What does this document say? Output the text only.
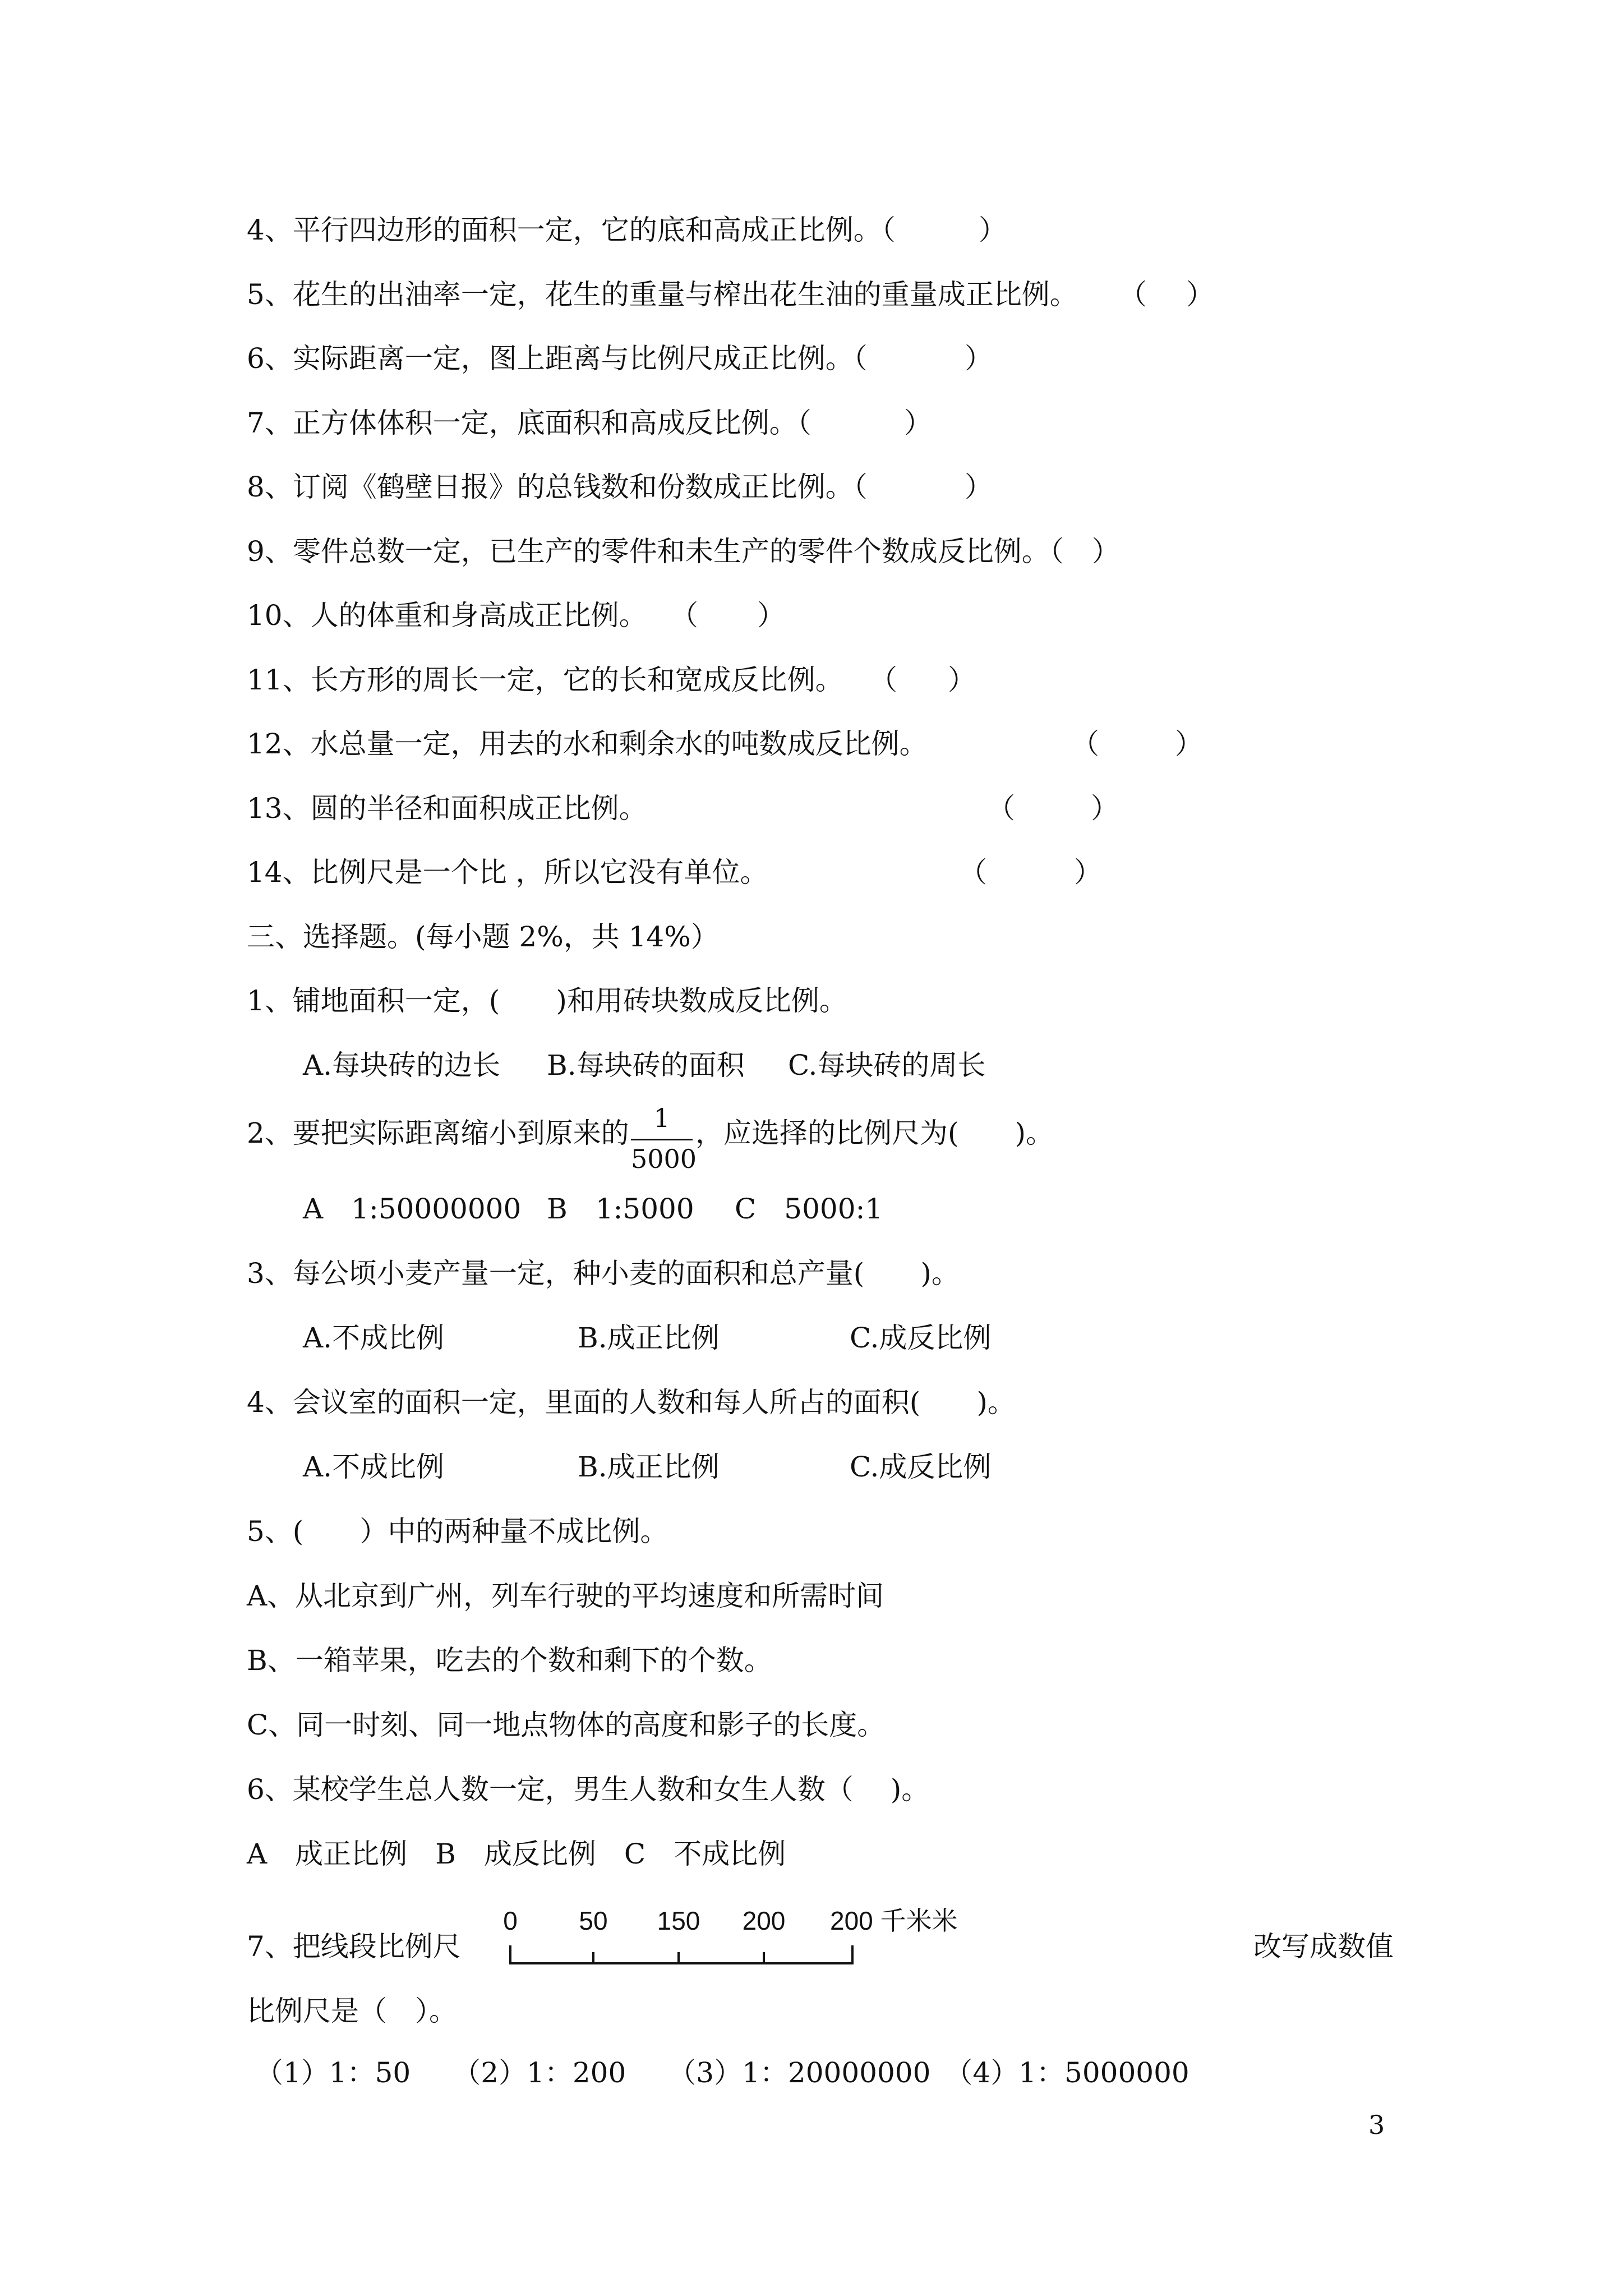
4、平行四边形的面积一定，它的底和高成正比例。（	）

5、花生的出油率一定，花生的重量与榨出花生油的重量成正比例。 （ ）

6、实际距离一定，图上距离与比例尺成正比例。（	）

7、正方体体积一定，底面积和高成反比例。（	）

8、订阅《鹤壁日报》的总钱数和份数成正比例。（	）

9、零件总数一定，已生产的零件和未生产的零件个数成反比例。（　）

10、人的体重和身高成正比例。 （ ）

11、长方形的周长一定，它的长和宽成反比例。 （ ）

12、水总量一定，用去的水和剩余水的吨数成反比例。	（	）

13、圆的半径和面积成正比例。	（	）

14、比例尺是一个比 ，所以它没有单位。	（	）

三、选择题。(每小题 2%，共 14%）

1、铺地面积一定，(　　)和用砖块数成反比例。

A.每块砖的边长 B.每块砖的面积 C.每块砖的周长

2、要把实际距离缩小到原来的 1
5000

，应选择的比例尺为(　　)。

A　1:50000000 B　1:5000 C　5000:1

3、每公顷小麦产量一定，种小麦的面积和总产量(　　)。

A.不成比例	B.成正比例	C.成反比例

4、会议室的面积一定，里面的人数和每人所占的面积(　　)。

A.不成比例	B.成正比例	C.成反比例

5、(　　）中的两种量不成比例。

A、从北京到广州，列车行驶的平均速度和所需时间

B、一箱苹果，吃去的个数和剩下的个数。

C、同一时刻、同一地点物体的高度和影子的长度。

6、某校学生总人数一定，男生人数和女生人数（　 )。

A　成正比例　B　成反比例　C　不成比例

7、把线段比例尺

0 50 150 200 200 千米米

改写成数值

比例尺是（　）。

（1）1：50　　（2）1：200　　（3）1：20000000　（4）1：5000000

3
